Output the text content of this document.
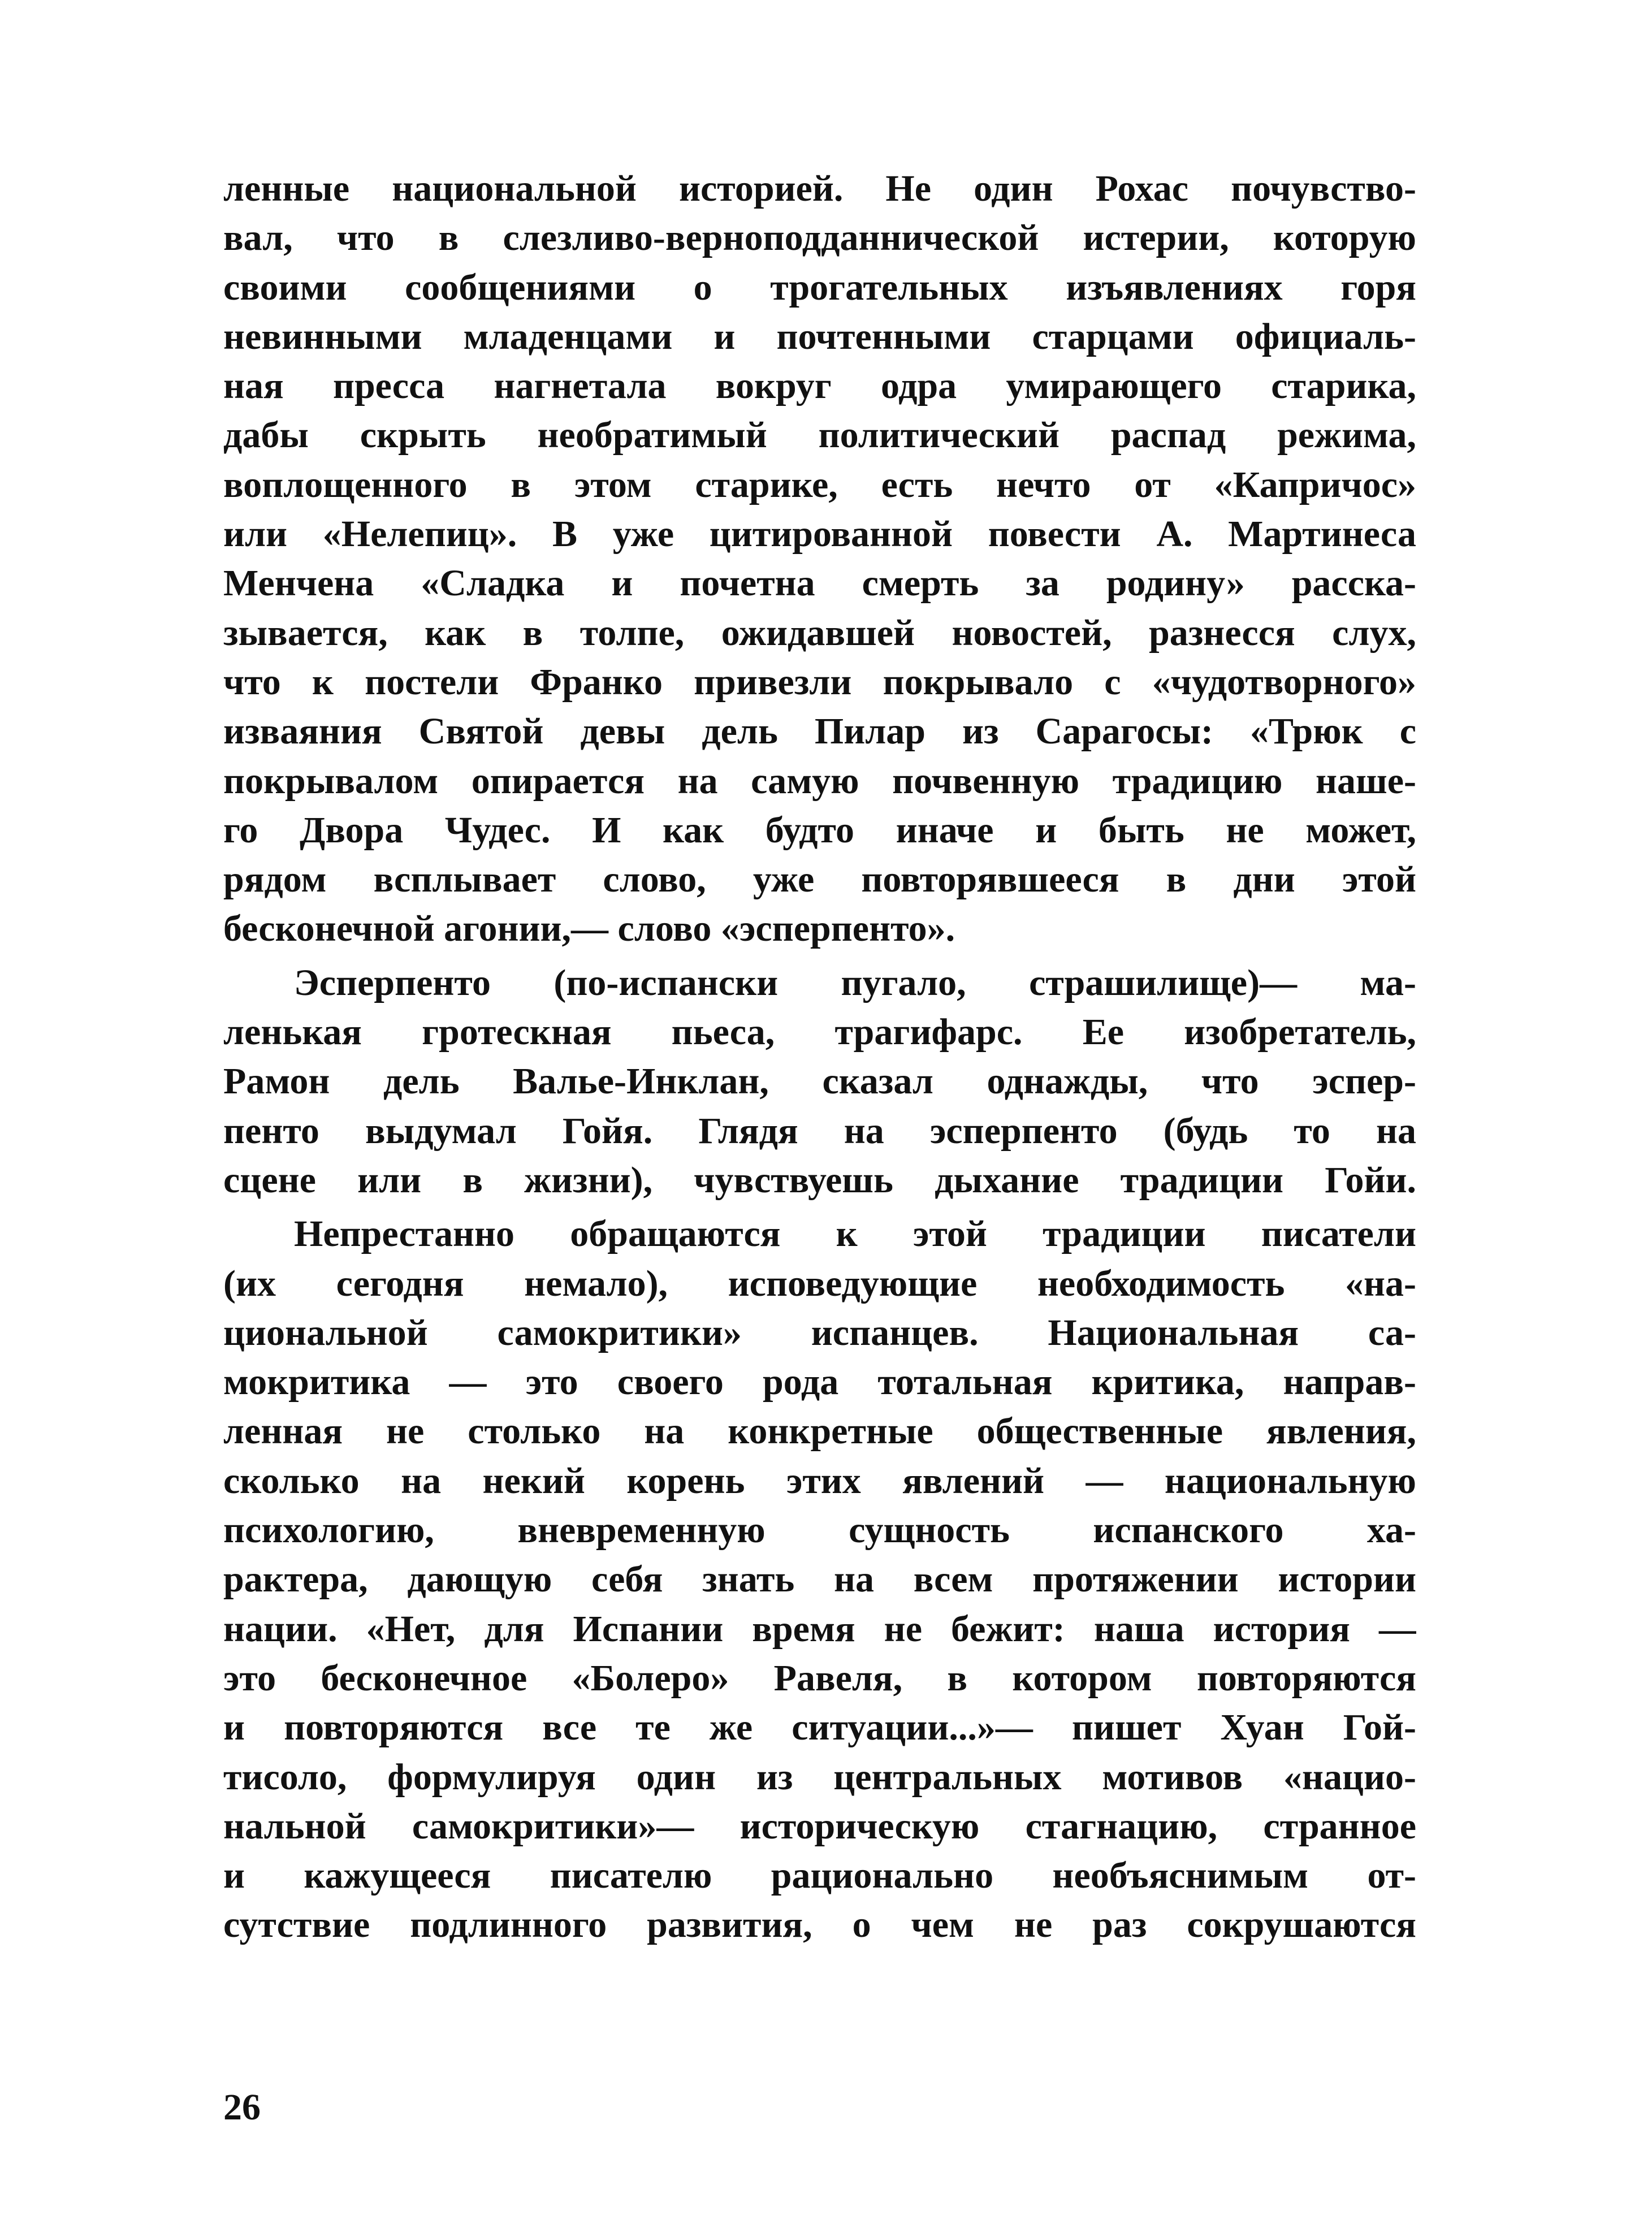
ленные национальной историей. Не один Рохас почувство-
вал, что в слезливо-верноподданнической истерии, которую
своими сообщениями о трогательных изъявлениях горя
невинными младенцами и почтенными старцами официаль-
ная пресса нагнетала вокруг одра умирающего старика,
дабы скрыть необратимый политический распад режима,
воплощенного в этом старике, есть нечто от «Капричос»
или «Нелепиц». В уже цитированной повести А. Мартинеса
Менчена «Сладка и почетна смерть за родину» расска-
зывается, как в толпе, ожидавшей новостей, разнесся слух,
что к постели Франко привезли покрывало с «чудотворного»
изваяния Святой девы дель Пилар из Сарагосы: «Трюк с
покрывалом опирается на самую почвенную традицию наше-
го Двора Чудес. И как будто иначе и быть не может,
рядом всплывает слово, уже повторявшееся в дни этой
бесконечной агонии,— слово «эсперпенто».
Эсперпенто (по-испански пугало, страшилище)— ма-
ленькая гротескная пьеса, трагифарс. Ее изобретатель,
Рамон дель Валье-Инклан, сказал однажды, что эспер-
пенто выдумал Гойя. Глядя на эсперпенто (будь то на
сцене или в жизни), чувствуешь дыхание традиции Гойи.
Непрестанно обращаются к этой традиции писатели
(их сегодня немало), исповедующие необходимость «на-
циональной самокритики» испанцев. Национальная са-
мокритика — это своего рода тотальная критика, направ-
ленная не столько на конкретные общественные явления,
сколько на некий корень этих явлений — национальную
психологию, вневременную сущность испанского ха-
рактера, дающую себя знать на всем протяжении истории
нации. «Нет, для Испании время не бежит: наша история —
это бесконечное «Болеро» Равеля, в котором повторяются
и повторяются все те же ситуации...»— пишет Хуан Гой-
тисоло, формулируя один из центральных мотивов «нацио-
нальной самокритики»— историческую стагнацию, странное
и кажущееся писателю рационально необъяснимым от-
сутствие подлинного развития, о чем не раз сокрушаются
26
